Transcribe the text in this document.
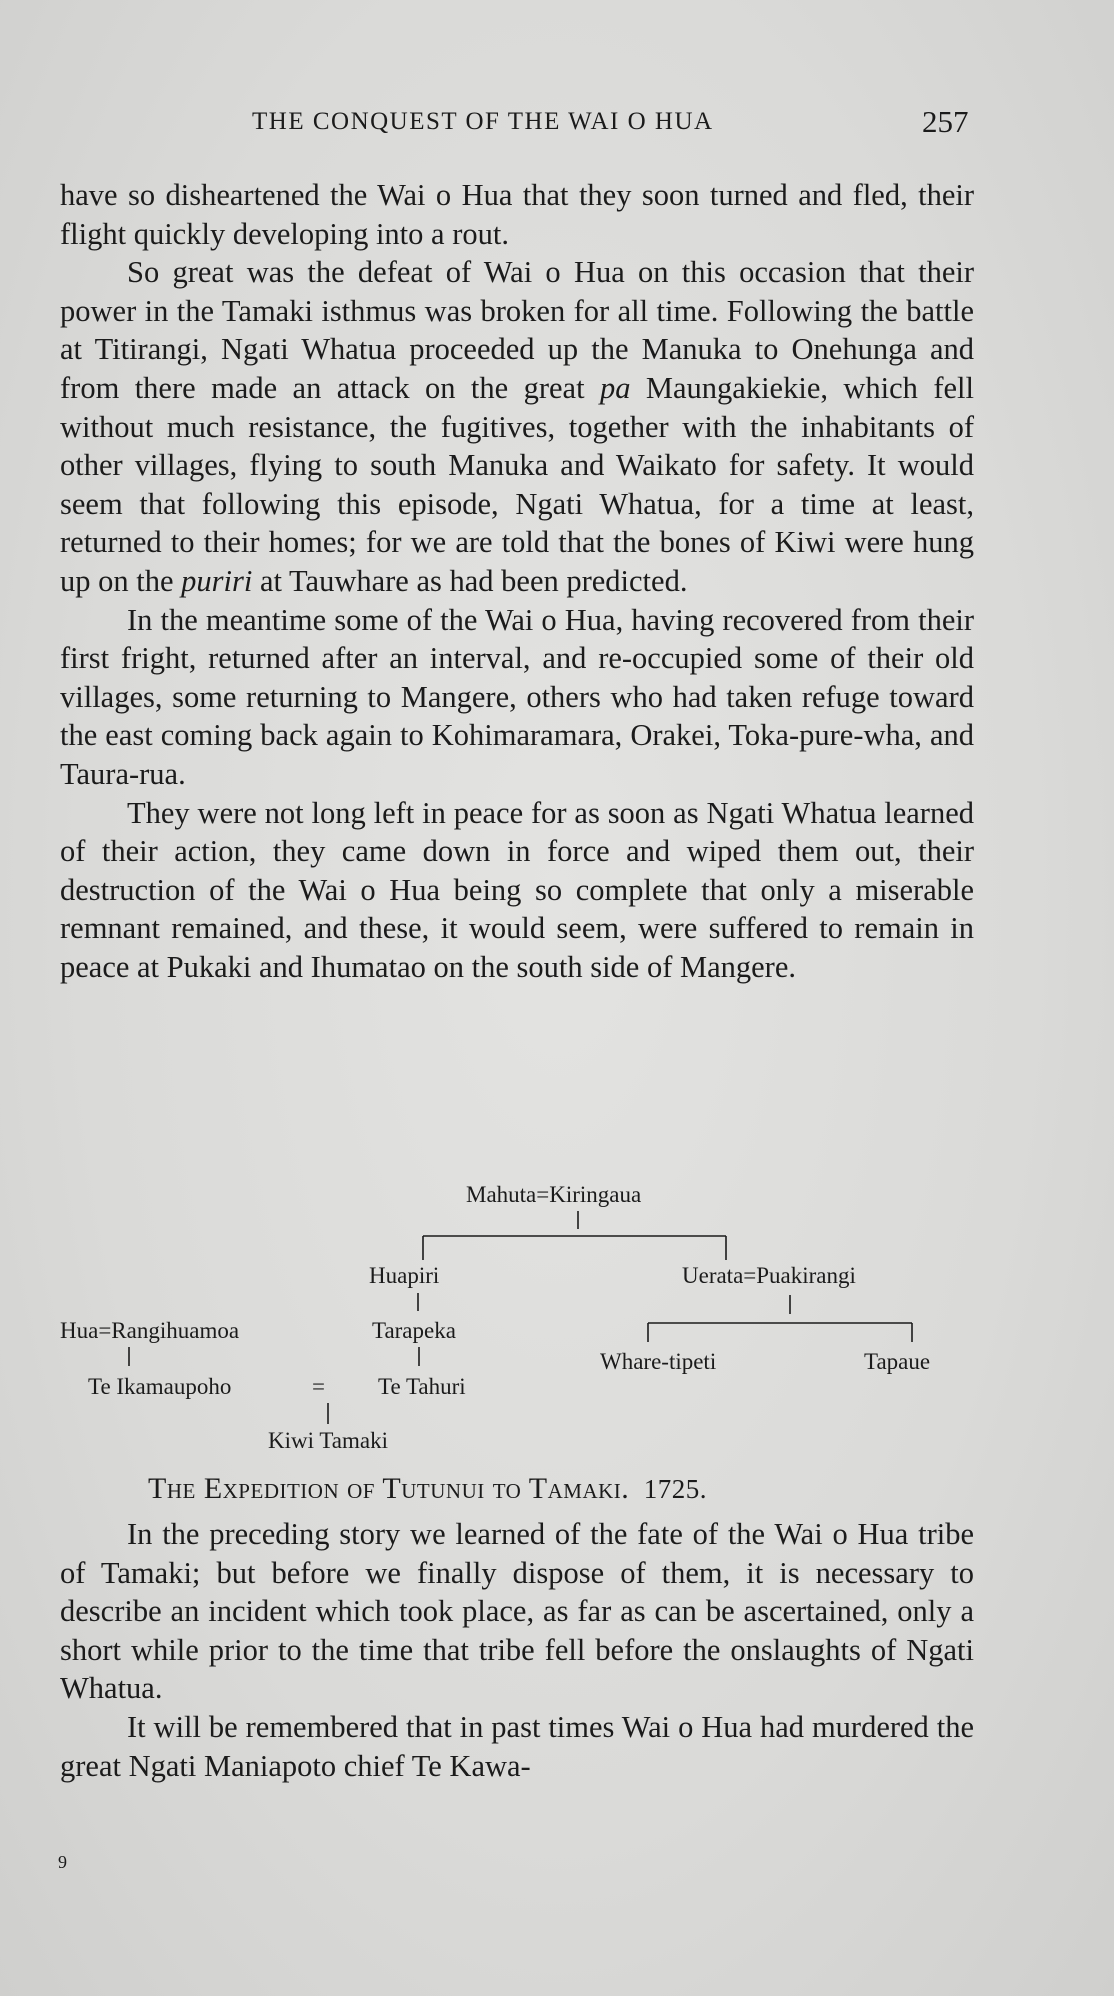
THE CONQUEST OF THE WAI O HUA	257

have so disheartened the Wai o Hua that they soon turned and fled, their flight quickly developing into a rout.

So great was the defeat of Wai o Hua on this occasion that their power in the Tamaki isthmus was broken for all time. Following the battle at Titirangi, Ngati Whatua proceeded up the Manuka to Onehunga and from there made an attack on the great pa Maungakiekie, which fell without much resistance, the fugitives, together with the inhabitants of other villages, flying to south Manuka and Waikato for safety. It would seem that following this episode, Ngati Whatua, for a time at least, returned to their homes; for we are told that the bones of Kiwi were hung up on the puriri at Tauwhare as had been predicted.

In the meantime some of the Wai o Hua, having recovered from their first fright, returned after an interval, and re-occupied some of their old villages, some returning to Mangere, others who had taken refuge toward the east coming back again to Kohimaramara, Orakei, Toka-pure-wha, and Taura-rua.

They were not long left in peace for as soon as Ngati Whatua learned of their action, they came down in force and wiped them out, their destruction of the Wai o Hua being so complete that only a miserable remnant remained, and these, it would seem, were suffered to remain in peace at Pukaki and Ihumatao on the south side of Mangere.

Mahuta=Kiringaua
Huapiri	Uerata=Puakirangi
Hua=Rangihuamoa	Tarapeka
Whare-tipeti	Tapaue
Te Ikamaupoho	= Te Tahuri
Kiwi Tamaki
The Expedition of Tutunui to Tamaki. 1725.

In the preceding story we learned of the fate of the Wai o Hua tribe of Tamaki; but before we finally dispose of them, it is necessary to describe an incident which took place, as far as can be ascertained, only a short while prior to the time that tribe fell before the onslaughts of Ngati Whatua.

It will be remembered that in past times Wai o Hua had murdered the great Ngati Maniapoto chief Te Kawa-

9
